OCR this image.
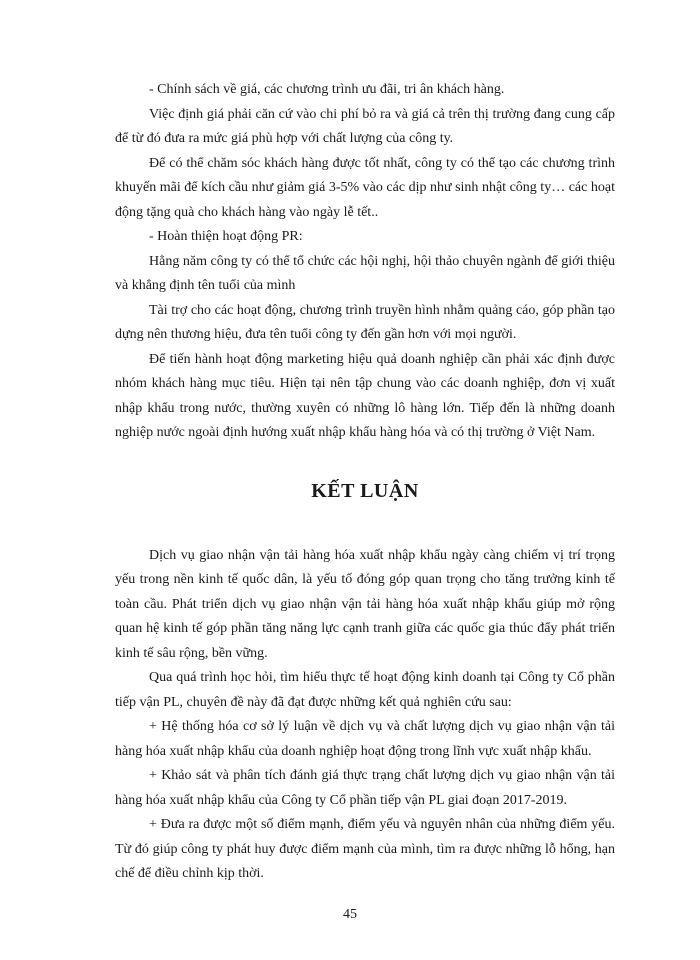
- Chính sách về giá, các chương trình ưu đãi, tri ân khách hàng.

Việc định giá phải căn cứ vào chi phí bỏ ra và giá cả trên thị trường đang cung cấp để từ đó đưa ra mức giá phù hợp với chất lượng của công ty.

Để có thể chăm sóc khách hàng được tốt nhất, công ty có thể tạo các chương trình khuyến mãi để kích cầu như giảm giá 3-5% vào các dịp như sinh nhật công ty… các hoạt động tặng quà cho khách hàng vào ngày lễ tết..

- Hoàn thiện hoạt động PR:

Hằng năm công ty có thể tổ chức các hội nghị, hội thảo chuyên ngành để giới thiệu và khẳng định tên tuổi của mình

Tài trợ cho các hoạt động, chương trình truyền hình nhằm quảng cáo, góp phần tạo dựng nên thương hiệu, đưa tên tuổi công ty đến gần hơn với mọi người.

Để tiến hành hoạt động marketing hiệu quả doanh nghiệp cần phải xác định được nhóm khách hàng mục tiêu. Hiện tại nên tập chung vào các doanh nghiệp, đơn vị xuất nhập khẩu trong nước, thường xuyên có những lô hàng lớn. Tiếp đến là những doanh nghiệp nước ngoài định hướng xuất nhập khẩu hàng hóa và có thị trường ở Việt Nam.

KẾT LUẬN

Dịch vụ giao nhận vận tải hàng hóa xuất nhập khẩu ngày càng chiếm vị trí trọng yếu trong nền kinh tế quốc dân, là yếu tố đóng góp quan trọng cho tăng trưởng kinh tế toàn cầu. Phát triển dịch vụ giao nhận vận tải hàng hóa xuất nhập khẩu giúp mở rộng quan hệ kinh tế góp phần tăng năng lực cạnh tranh giữa các quốc gia thúc đẩy phát triển kinh tế sâu rộng, bền vững.

Qua quá trình học hỏi, tìm hiểu thực tế hoạt động kinh doanh tại Công ty Cổ phần tiếp vận PL, chuyên đề này đã đạt được những kết quả nghiên cứu sau:

+ Hệ thống hóa cơ sở lý luận về dịch vụ và chất lượng dịch vụ giao nhận vận tải hàng hóa xuất nhập khẩu của doanh nghiệp hoạt động trong lĩnh vực xuất nhập khẩu.

+ Khảo sát và phân tích đánh giá thực trạng chất lượng dịch vụ giao nhận vận tải hàng hóa xuất nhập khẩu của Công ty Cổ phần tiếp vận PL giai đoạn 2017-2019.

+ Đưa ra được một số điểm mạnh, điểm yếu và nguyên nhân của những điểm yếu. Từ đó giúp công ty phát huy được điểm mạnh của mình, tìm ra được những lỗ hổng, hạn chế để điều chỉnh kịp thời.

45
